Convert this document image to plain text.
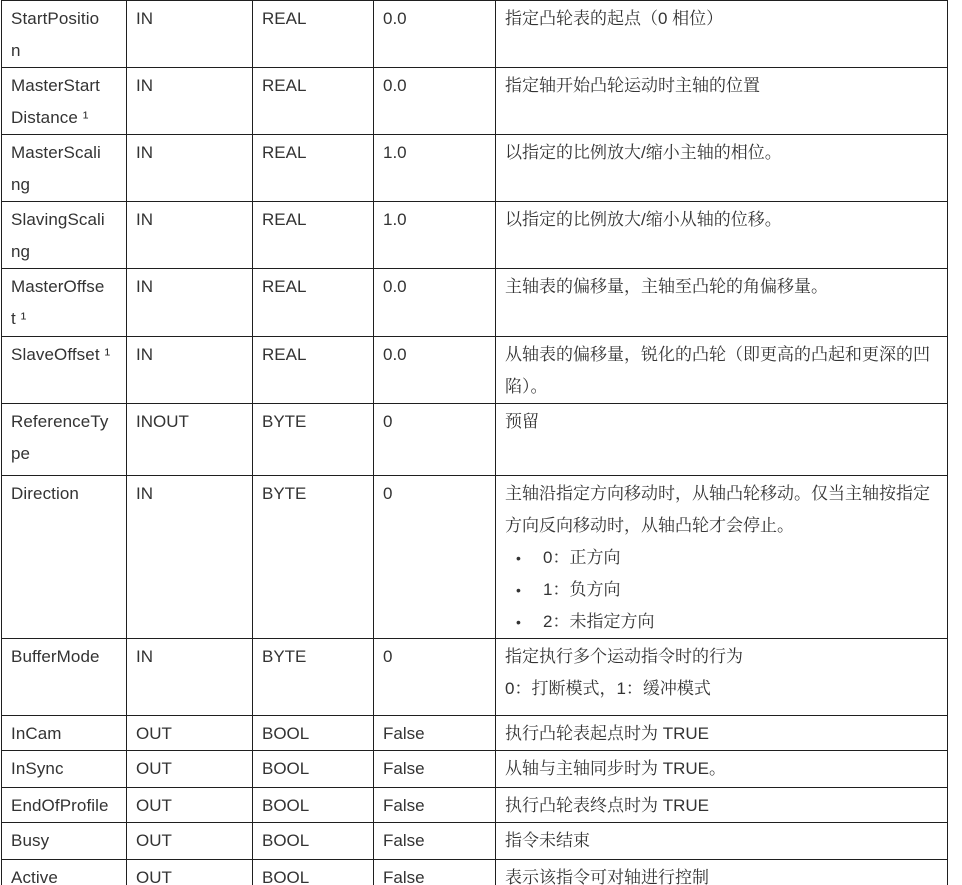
StartPositio
n	IN	REAL	0.0	指定凸轮表的起点（0 相位）

MasterStart
Distance ¹	IN	REAL	0.0	指定轴开始凸轮运动时主轴的位置

MasterScali
ng	IN	REAL	1.0	以指定的比例放大/缩小主轴的相位。

SlavingScali
ng	IN	REAL	1.0	以指定的比例放大/缩小从轴的位移。

MasterOffse
t ¹	IN	REAL	0.0	主轴表的偏移量，主轴至凸轮的角偏移量。

SlaveOffset ¹	IN	REAL	0.0	从轴表的偏移量，锐化的凸轮（即更高的凸起和更深的凹陷）。

ReferenceTy
pe	INOUT	BYTE	0	预留

Direction	IN	BYTE	0	主轴沿指定方向移动时，从轴凸轮移动。仅当主轴按指定方向反向移动时，从轴凸轮才会停止。
•	0：正方向
•	1：负方向
•	2：未指定方向

BufferMode	IN	BYTE	0	指定执行多个运动指令时的行为
0：打断模式，1：缓冲模式

InCam	OUT	BOOL	False	执行凸轮表起点时为 TRUE

InSync	OUT	BOOL	False	从轴与主轴同步时为 TRUE。

EndOfProfile	OUT	BOOL	False	执行凸轮表终点时为 TRUE

Busy	OUT	BOOL	False	指令未结束

Active	OUT	BOOL	False	表示该指令可对轴进行控制
